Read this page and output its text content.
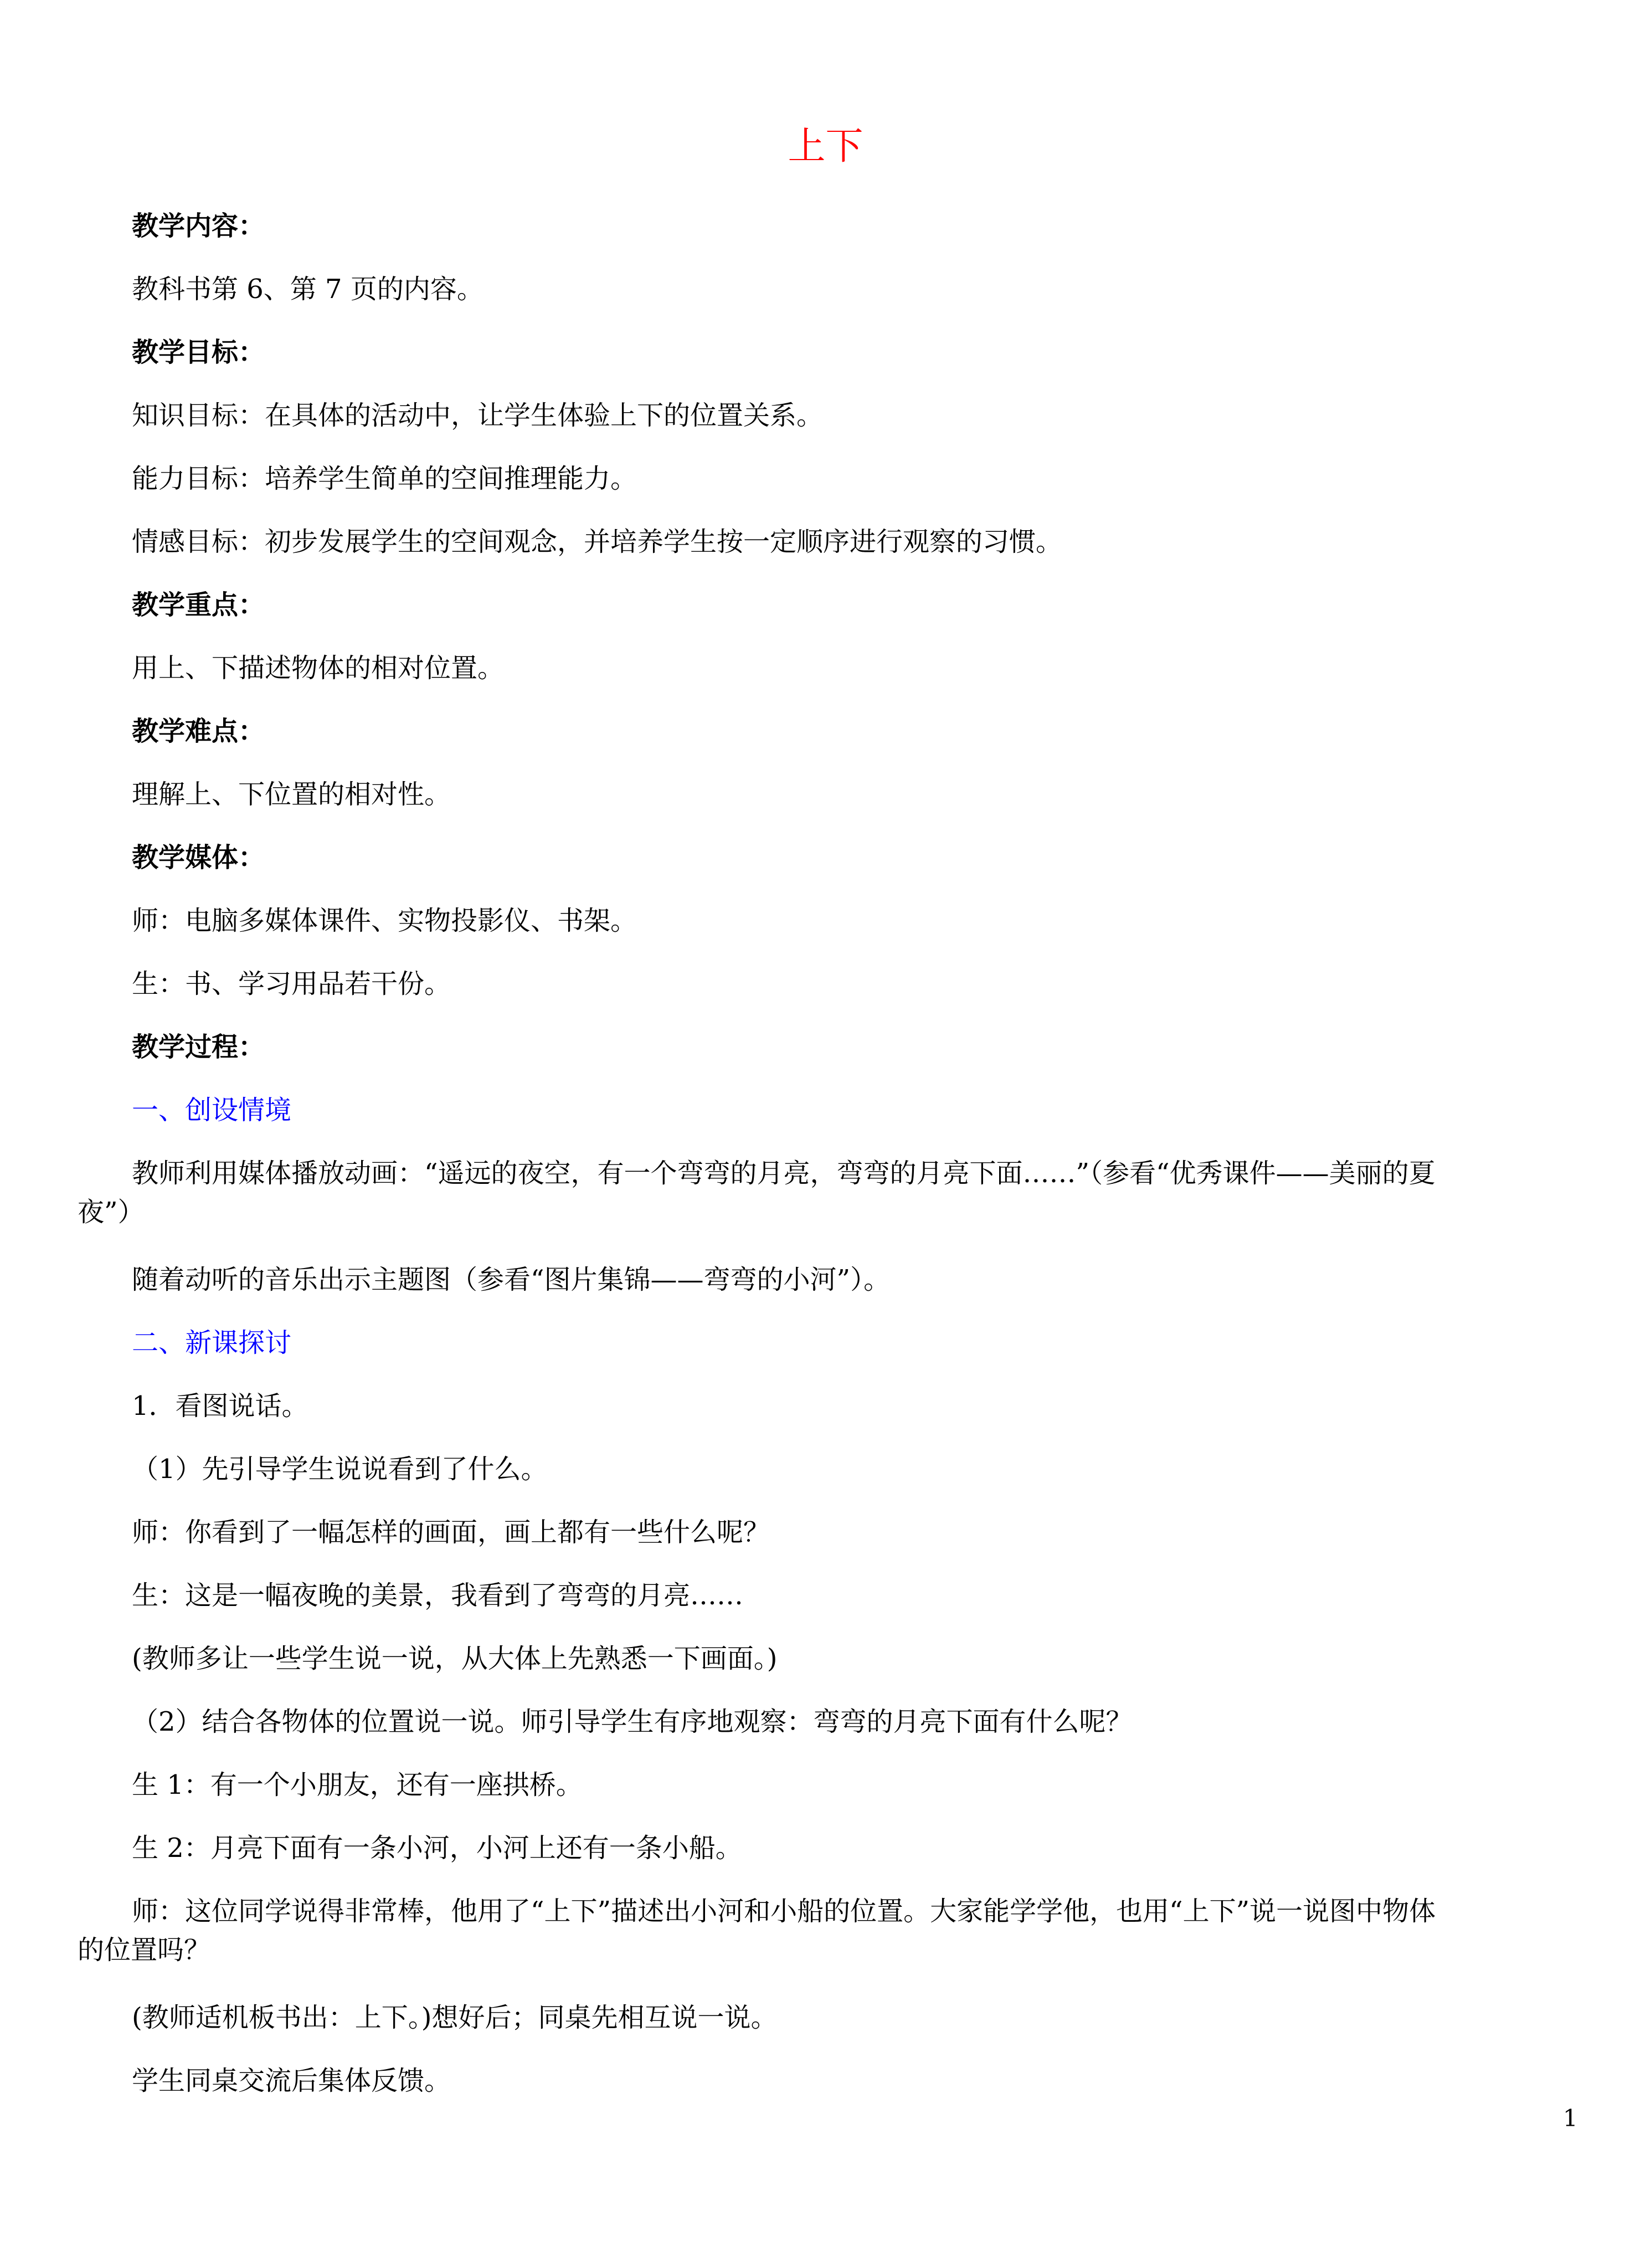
上下
教学内容：
教科书第 6、第 7 页的内容。
教学目标：
知识目标：在具体的活动中，让学生体验上下的位置关系。
能力目标：培养学生简单的空间推理能力。
情感目标：初步发展学生的空间观念，并培养学生按一定顺序进行观察的习惯。
教学重点：
用上、下描述物体的相对位置。
教学难点：
理解上、下位置的相对性。
教学媒体：
师：电脑多媒体课件、实物投影仪、书架。
生：书、学习用品若干份。
教学过程：
一、创设情境
教师利用媒体播放动画：“遥远的夜空，有一个弯弯的月亮，弯弯的月亮下面……”（参看“优秀课件——美丽的夏
夜”）
随着动听的音乐出示主题图（参看“图片集锦——弯弯的小河”）。
二、新课探讨
1．看图说话。
（1）先引导学生说说看到了什么。
师：你看到了一幅怎样的画面，画上都有一些什么呢？
生：这是一幅夜晚的美景，我看到了弯弯的月亮……
(教师多让一些学生说一说，从大体上先熟悉一下画面。)
（2）结合各物体的位置说一说。师引导学生有序地观察：弯弯的月亮下面有什么呢？
生 1：有一个小朋友，还有一座拱桥。
生 2：月亮下面有一条小河，小河上还有一条小船。
师：这位同学说得非常棒，他用了“上下”描述出小河和小船的位置。大家能学学他，也用“上下”说一说图中物体
的位置吗？
(教师适机板书出：上下。)想好后；同桌先相互说一说。
学生同桌交流后集体反馈。
1
